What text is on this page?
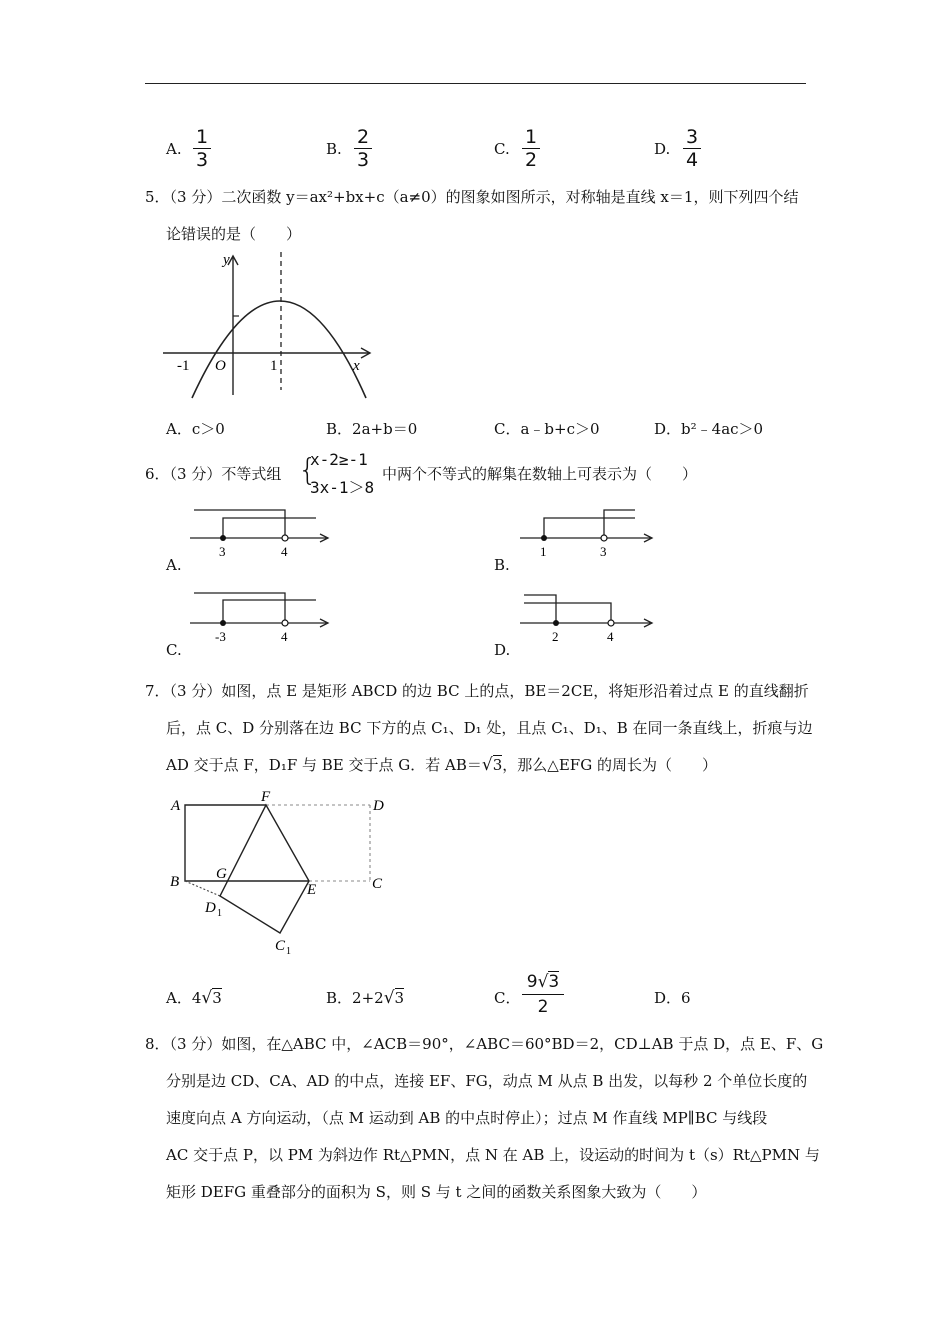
A.
1
3	B.
2
3	C.
1
2	D.
3
4
5．（3 分）二次函数 y＝ax²+bx+c（a≠0）的图象如图所示，对称轴是直线 x＝1，则下列四个结
论错误的是（　　）
y
x
O
-1	1
A．c＞0	B．2a+b＝0	C．a﹣b+c＞0	D．b²﹣4ac＞0
6．（3 分）不等式组 {
x-2≥-1
3x-1＞8
中两个不等式的解集在数轴上可表示为（　　）
3	4
A.
1	3
B.
-3	4
C.
2	4
D.
7．（3 分）如图，点 E 是矩形 ABCD 的边 BC 上的点，BE＝2CE，将矩形沿着过点 E 的直线翻折
后，点 C、D 分别落在边 BC 下方的点 C₁、D₁ 处，且点 C₁、D₁、B 在同一条直线上，折痕与边
AD 交于点 F，D₁F 与 BE 交于点 G．若 AB＝√3，那么△EFG 的周长为（　　）
A
F
D
G
B	E	C
D 1
C 1
A．4√3	B．2+2√3	C．
9√3
2	D．6
8．（3 分）如图，在△ABC 中，∠ACB＝90°，∠ABC＝60°BD＝2，CD⊥AB 于点 D，点 E、F、G
分别是边 CD、CA、AD 的中点，连接 EF、FG，动点 M 从点 B 出发，以每秒 2 个单位长度的
速度向点 A 方向运动，（点 M 运动到 AB 的中点时停止）；过点 M 作直线 MP∥BC 与线段
AC 交于点 P，以 PM 为斜边作 Rt△PMN，点 N 在 AB 上，设运动的时间为 t（s）Rt△PMN 与
矩形 DEFG 重叠部分的面积为 S，则 S 与 t 之间的函数关系图象大致为（　　）
